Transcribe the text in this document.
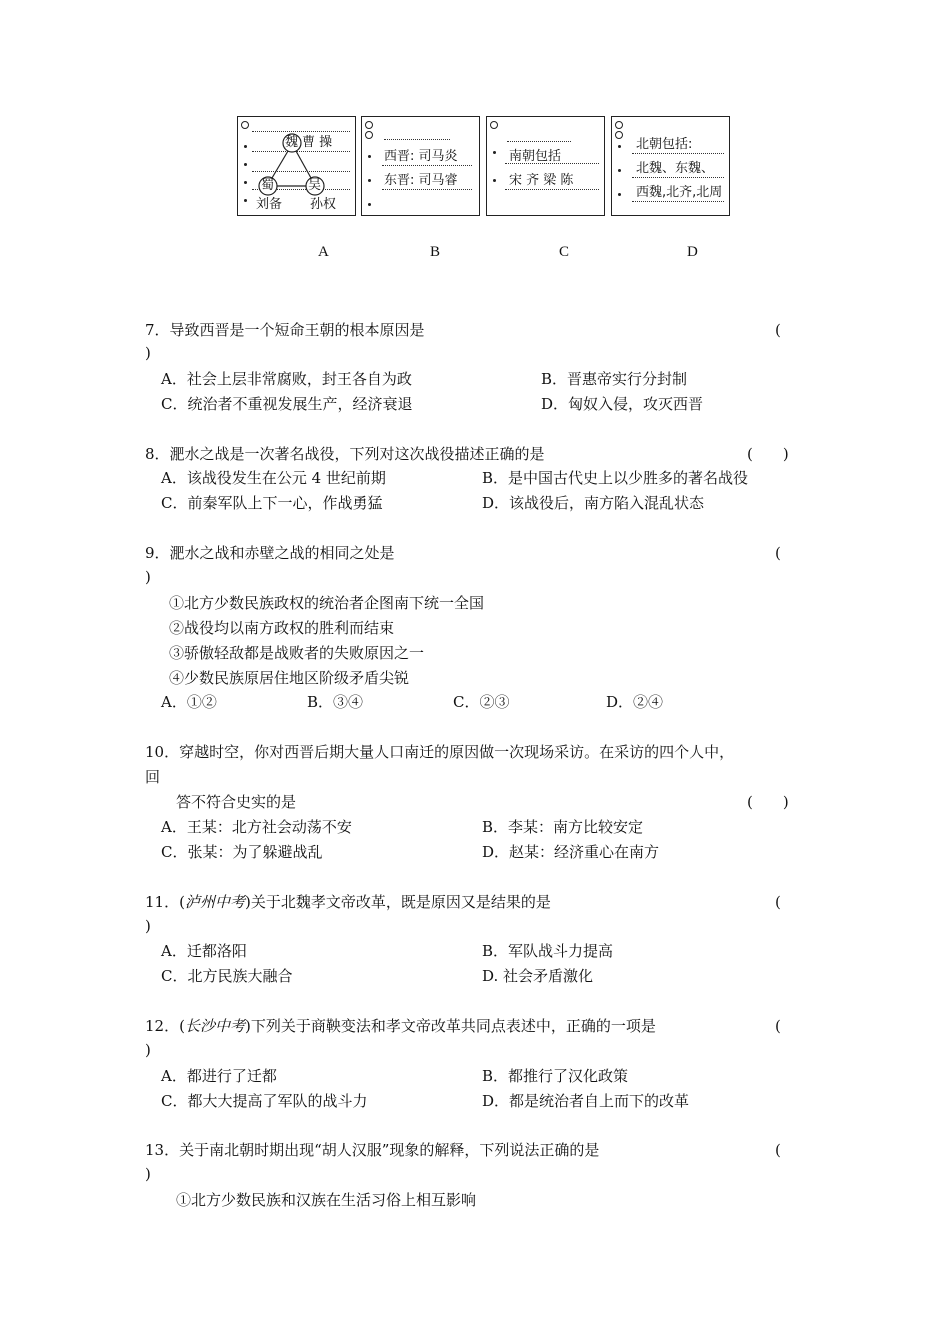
魏 曹 操
蜀	吴
刘备 孙权
西晋: 司马炎
东晋: 司马睿
南朝包括
宋 齐 梁 陈
北朝包括:
北魏、东魏、
西魏,北齐,北周
A	B	C	D
7．导致西晋是一个短命王朝的根本原因是	(
)
A．社会上层非常腐败，封王各自为政	B．晋惠帝实行分封制
C．统治者不重视发展生产，经济衰退	D．匈奴入侵，攻灭西晋
8．淝水之战是一次著名战役，下列对这次战役描述正确的是	(　　)
A．该战役发生在公元 4 世纪前期	B．是中国古代史上以少胜多的著名战役
C．前秦军队上下一心，作战勇猛	D．该战役后，南方陷入混乱状态
9．淝水之战和赤壁之战的相同之处是	(
)
①北方少数民族政权的统治者企图南下统一全国
②战役均以南方政权的胜利而结束
③骄傲轻敌都是战败者的失败原因之一
④少数民族原居住地区阶级矛盾尖锐
A．①②	B．③④	C．②③	D．②④
10．穿越时空，你对西晋后期大量人口南迁的原因做一次现场采访。在采访的四个人中，
回
答不符合史实的是	(　　)
A．王某：北方社会动荡不安	B．李某：南方比较安定
C．张某：为了躲避战乱	D．赵某：经济重心在南方
11．(泸州中考)关于北魏孝文帝改革，既是原因又是结果的是	(
)
A．迁都洛阳	B．军队战斗力提高
C．北方民族大融合	D. 社会矛盾激化
12．(长沙中考)下列关于商鞅变法和孝文帝改革共同点表述中，正确的一项是	(
)
A．都进行了迁都	B．都推行了汉化政策
C．都大大提高了军队的战斗力	D．都是统治者自上而下的改革
13．关于南北朝时期出现“胡人汉服”现象的解释，下列说法正确的是	(
)
①北方少数民族和汉族在生活习俗上相互影响
